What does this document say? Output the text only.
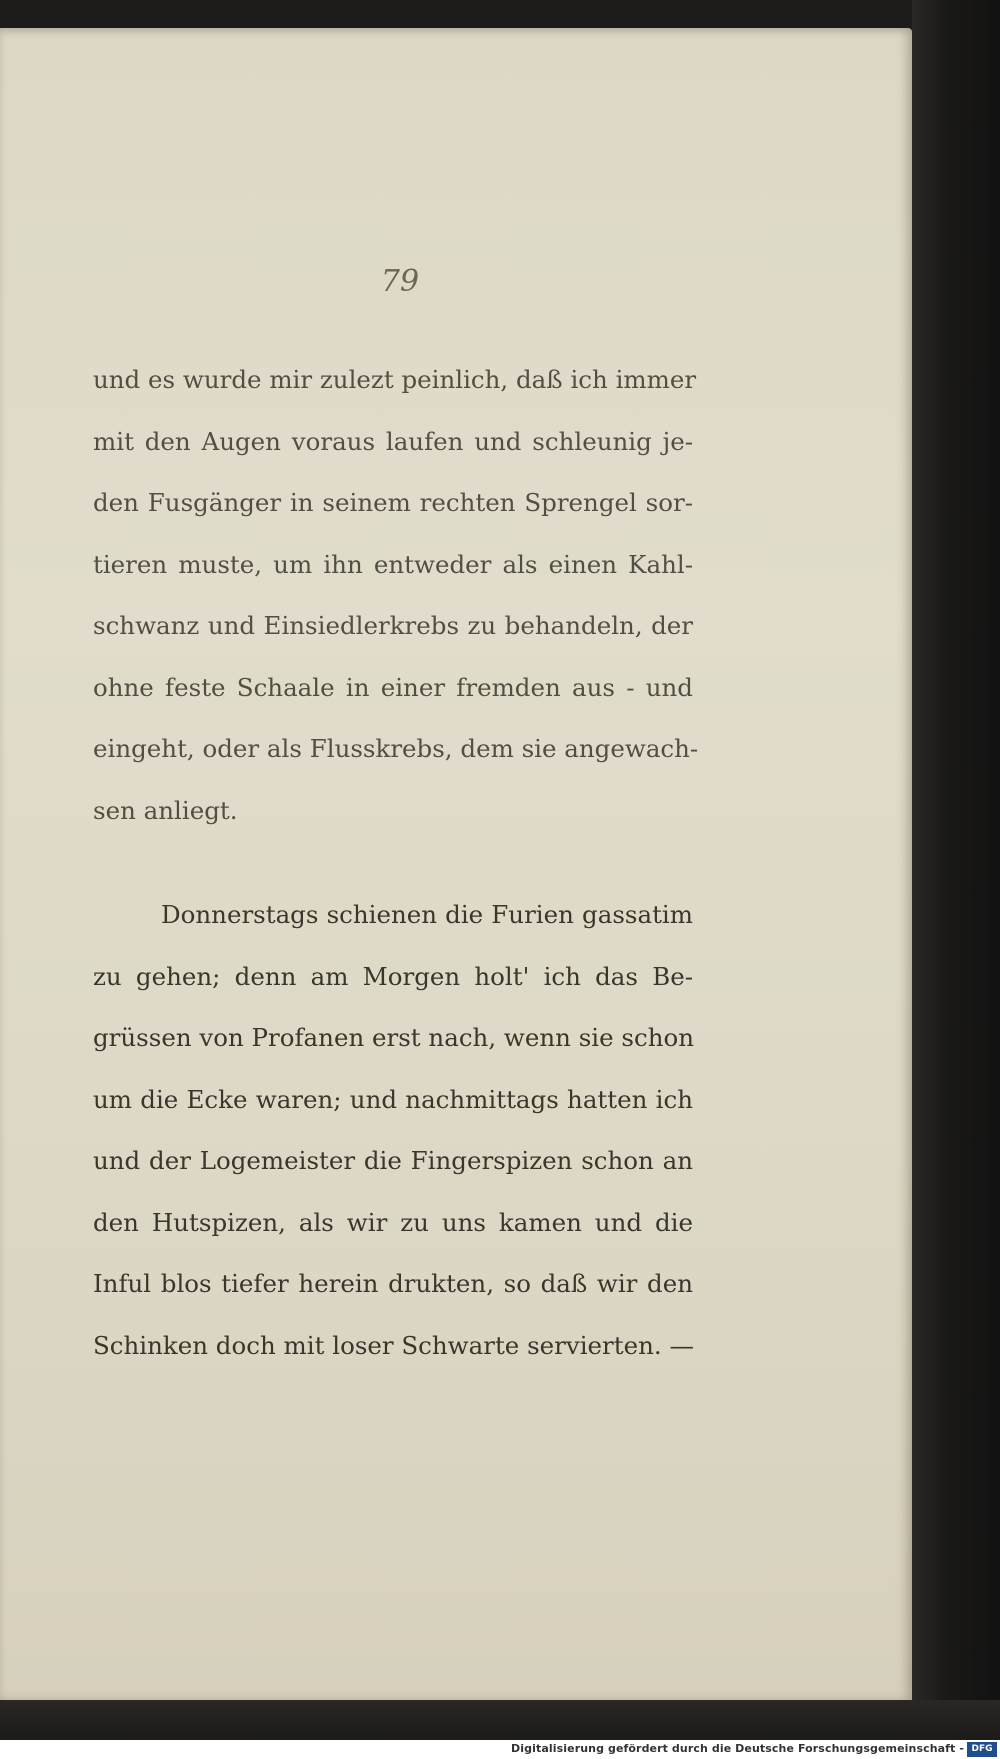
79

und es wurde mir zulezt peinlich, daß ich immer
mit den Augen voraus laufen und schleunig je-
den Fusgänger in seinem rechten Sprengel sor-
tieren muste, um ihn entweder als einen Kahl-
schwanz und Einsiedlerkrebs zu behandeln, der
ohne feste Schaale in einer fremden aus - und
eingeht, oder als Flusskrebs, dem sie angewach-
sen anliegt.
Donnerstags schienen die Furien gassatim
zu gehen; denn am Morgen holt' ich das Be-
grüssen von Profanen erst nach, wenn sie schon
um die Ecke waren; und nachmittags hatten ich
und der Logemeister die Fingerspizen schon an
den Hutspizen, als wir zu uns kamen und die
Inful blos tiefer herein drukten, so daß wir den
Schinken doch mit loser Schwarte servierten. —
Digitalisierung gefördert durch die Deutsche Forschungsgemeinschaft - DFG
